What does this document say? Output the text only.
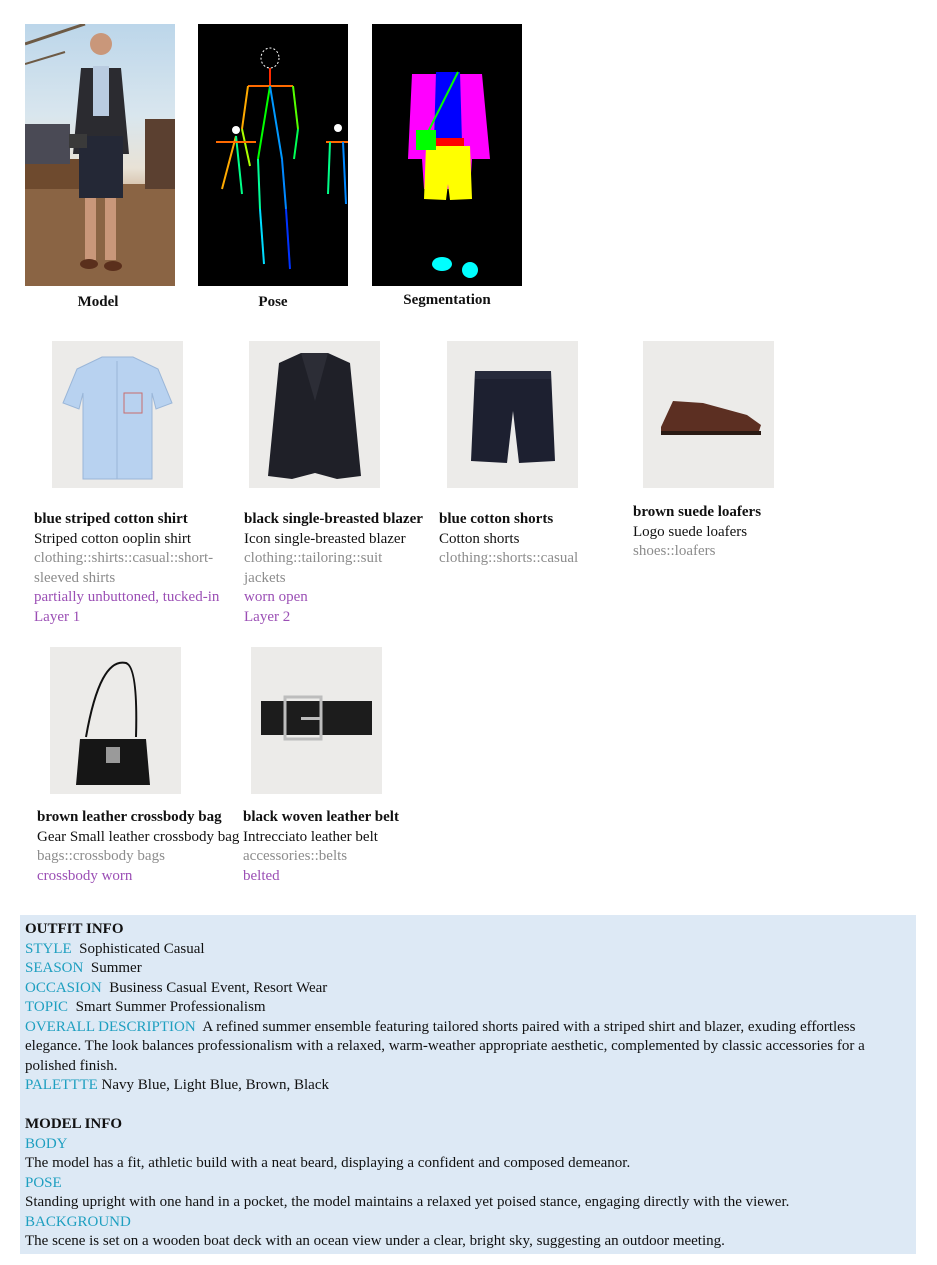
Model	Pose	Segmentation
blue striped cotton shirt
Striped cotton ooplin shirt
clothing::shirts::casual::short-sleeved shirts
partially unbuttoned, tucked-in
Layer 1
black single-breasted blazer
Icon single-breasted blazer
clothing::tailoring::suit jackets
worn open
Layer 2
blue cotton shorts
Cotton shorts
clothing::shorts::casual
brown suede loafers
Logo suede loafers
shoes::loafers
brown leather crossbody bag
Gear Small leather crossbody bag
bags::crossbody bags
crossbody worn
black woven leather belt
Intrecciato leather belt
accessories::belts
belted
OUTFIT INFO
STYLE Sophisticated Casual
SEASON Summer
OCCASION Business Casual Event, Resort Wear
TOPIC Smart Summer Professionalism
OVERALL DESCRIPTION A refined summer ensemble featuring tailored shorts paired with a striped shirt and blazer, exuding effortless elegance. The look balances professionalism with a relaxed, warm-weather appropriate aesthetic, complemented by classic accessories for a polished finish.
PALETTTE Navy Blue, Light Blue, Brown, Black
MODEL INFO
BODY
The model has a fit, athletic build with a neat beard, displaying a confident and composed demeanor.
POSE
Standing upright with one hand in a pocket, the model maintains a relaxed yet poised stance, engaging directly with the viewer.
BACKGROUND
The scene is set on a wooden boat deck with an ocean view under a clear, bright sky, suggesting an outdoor meeting.
